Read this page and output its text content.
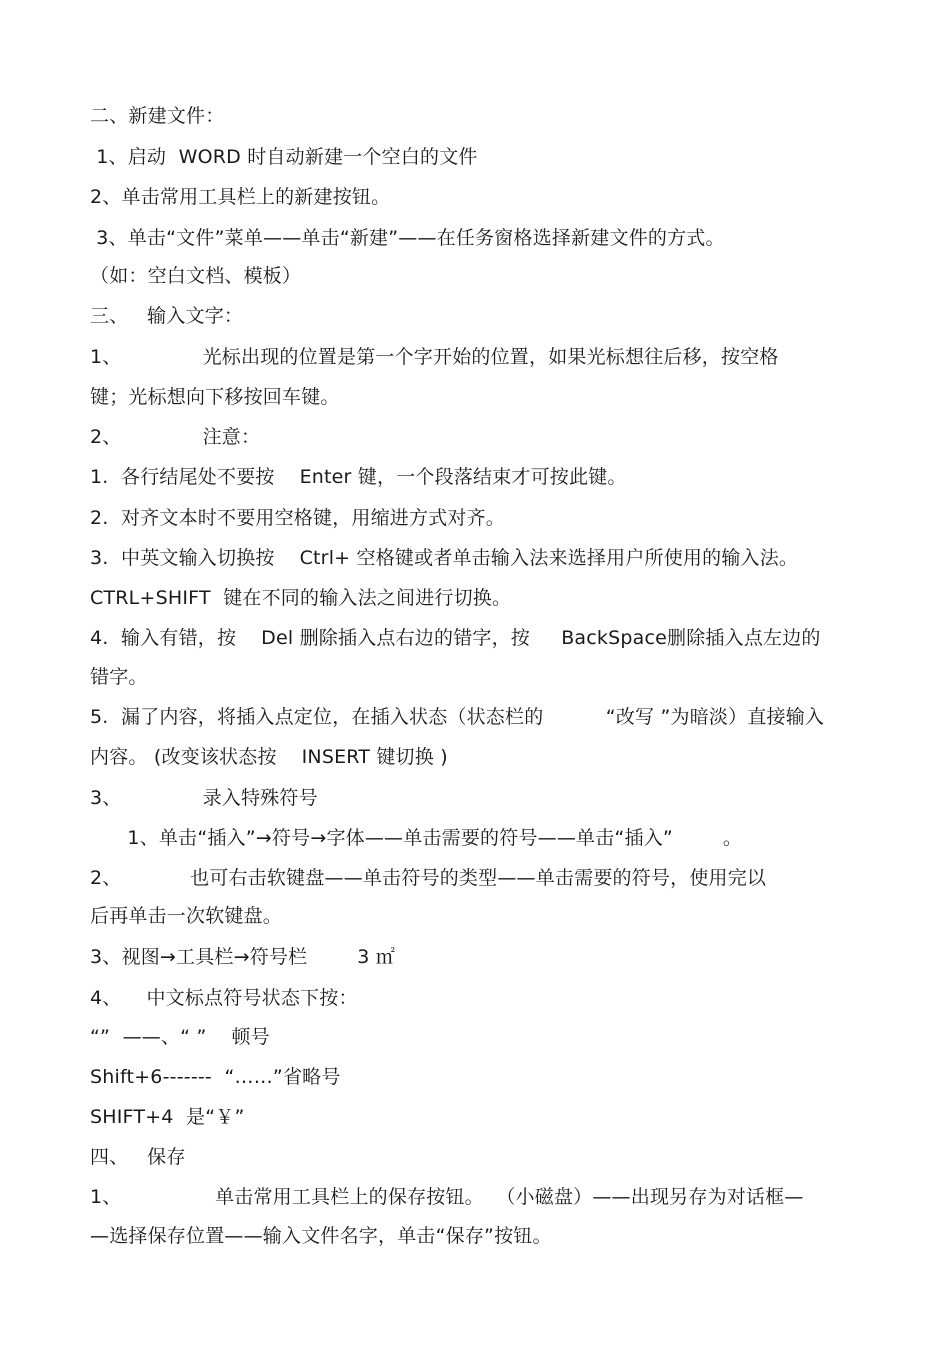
二、新建文件：
1、启动  WORD 时自动新建一个空白的文件
2、单击常用工具栏上的新建按钮。
3、单击“文件”菜单——单击“新建”——在任务窗格选择新建文件的方式。
（如：空白文档、模板）
三、   输入文字：
1、             光标出现的位置是第一个字开始的位置，如果光标想往后移，按空格
键；光标想向下移按回车键。
2、             注意：
1.  各行结尾处不要按    Enter 键，一个段落结束才可按此键。
2.  对齐文本时不要用空格键，用缩进方式对齐。
3.  中英文输入切换按    Ctrl+ 空格键或者单击输入法来选择用户所使用的输入法。
CTRL+SHIFT  键在不同的输入法之间进行切换。
4.  输入有错，按    Del 删除插入点右边的错字，按     BackSpace删除插入点左边的
错字。
5.  漏了内容，将插入点定位，在插入状态（状态栏的          “改写 ”为暗淡）直接输入
内容。 (改变该状态按    INSERT 键切换 )
3、             录入特殊符号
1、单击“插入”→符号→字体——单击需要的符号——单击“插入”        。
2、           也可右击软键盘——单击符号的类型——单击需要的符号，使用完以
后再单击一次软键盘。
3、视图→工具栏→符号栏        3 ㎡
4、    中文标点符号状态下按：
“”  ——、“ ”    顿号
Shift+6-------  “……”省略号
SHIFT+4  是“￥”
四、   保存
1、               单击常用工具栏上的保存按钮。  （小磁盘）——出现另存为对话框—
—选择保存位置——输入文件名字，单击“保存”按钮。
